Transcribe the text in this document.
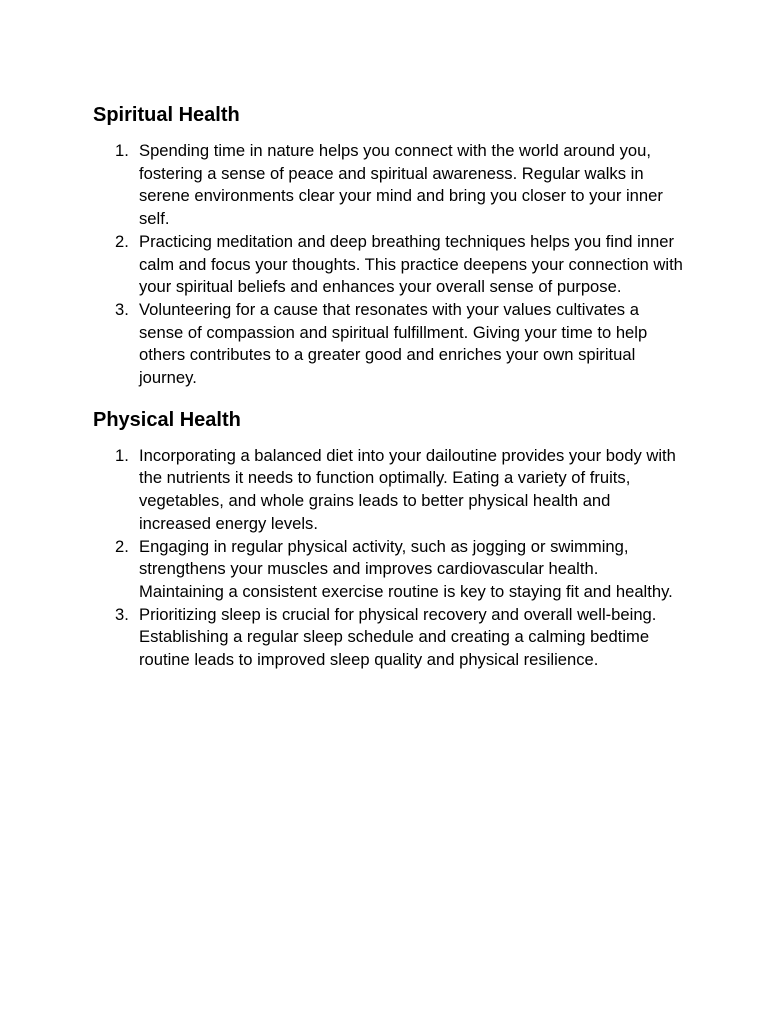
Spiritual Health
1. Spending time in nature helps you connect with the world around you, fostering a sense of peace and spiritual awareness. Regular walks in serene environments clear your mind and bring you closer to your inner self.
2. Practicing meditation and deep breathing techniques helps you find inner calm and focus your thoughts. This practice deepens your connection with your spiritual beliefs and enhances your overall sense of purpose.
3. Volunteering for a cause that resonates with your values cultivates a sense of compassion and spiritual fulfillment. Giving your time to help others contributes to a greater good and enriches your own spiritual journey.
Physical Health
1. Incorporating a balanced diet into your dailoutine provides your body with the nutrients it needs to function optimally. Eating a variety of fruits, vegetables, and whole grains leads to better physical health and increased energy levels.
2. Engaging in regular physical activity, such as jogging or swimming, strengthens your muscles and improves cardiovascular health. Maintaining a consistent exercise routine is key to staying fit and healthy.
3. Prioritizing sleep is crucial for physical recovery and overall well-being. Establishing a regular sleep schedule and creating a calming bedtime routine leads to improved sleep quality and physical resilience.
